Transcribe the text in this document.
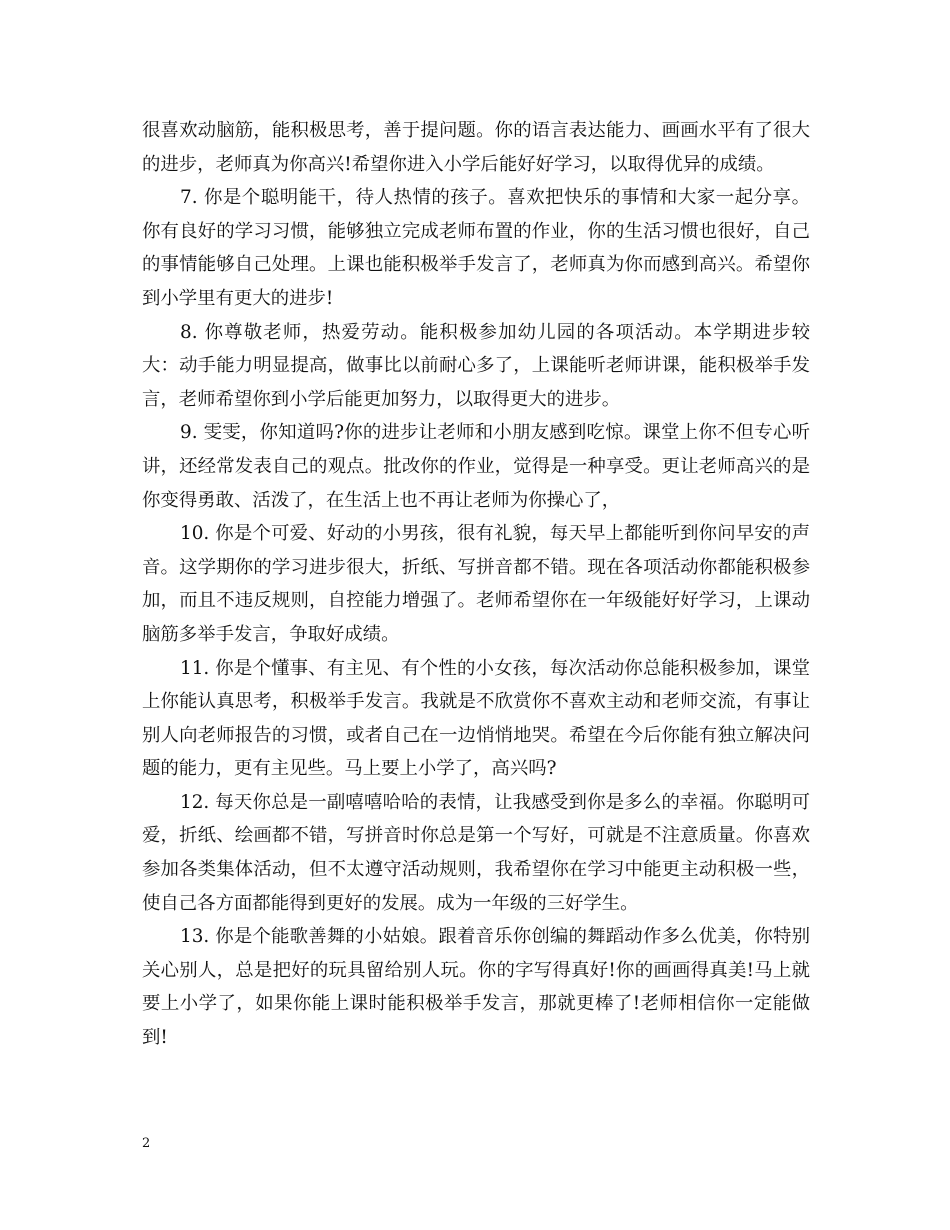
很喜欢动脑筋，能积极思考，善于提问题。你的语言表达能力、画画水平有了很大的进步，老师真为你高兴!希望你进入小学后能好好学习，以取得优异的成绩。

7. 你是个聪明能干，待人热情的孩子。喜欢把快乐的事情和大家一起分享。你有良好的学习习惯，能够独立完成老师布置的作业，你的生活习惯也很好，自己的事情能够自己处理。上课也能积极举手发言了，老师真为你而感到高兴。希望你到小学里有更大的进步!

8. 你尊敬老师，热爱劳动。能积极参加幼儿园的各项活动。本学期进步较大：动手能力明显提高，做事比以前耐心多了，上课能听老师讲课，能积极举手发言，老师希望你到小学后能更加努力，以取得更大的进步。

9. 雯雯，你知道吗?你的进步让老师和小朋友感到吃惊。课堂上你不但专心听讲，还经常发表自己的观点。批改你的作业，觉得是一种享受。更让老师高兴的是你变得勇敢、活泼了，在生活上也不再让老师为你操心了，

10. 你是个可爱、好动的小男孩，很有礼貌，每天早上都能听到你问早安的声音。这学期你的学习进步很大，折纸、写拼音都不错。现在各项活动你都能积极参加，而且不违反规则，自控能力增强了。老师希望你在一年级能好好学习，上课动脑筋多举手发言，争取好成绩。

11. 你是个懂事、有主见、有个性的小女孩，每次活动你总能积极参加，课堂上你能认真思考，积极举手发言。我就是不欣赏你不喜欢主动和老师交流，有事让别人向老师报告的习惯，或者自己在一边悄悄地哭。希望在今后你能有独立解决问题的能力，更有主见些。马上要上小学了，高兴吗?

12. 每天你总是一副嘻嘻哈哈的表情，让我感受到你是多么的幸福。你聪明可爱，折纸、绘画都不错，写拼音时你总是第一个写好，可就是不注意质量。你喜欢参加各类集体活动，但不太遵守活动规则，我希望你在学习中能更主动积极一些，使自己各方面都能得到更好的发展。成为一年级的三好学生。

13. 你是个能歌善舞的小姑娘。跟着音乐你创编的舞蹈动作多么优美，你特别关心别人，总是把好的玩具留给别人玩。你的字写得真好!你的画画得真美!马上就要上小学了，如果你能上课时能积极举手发言，那就更棒了!老师相信你一定能做到!

2
